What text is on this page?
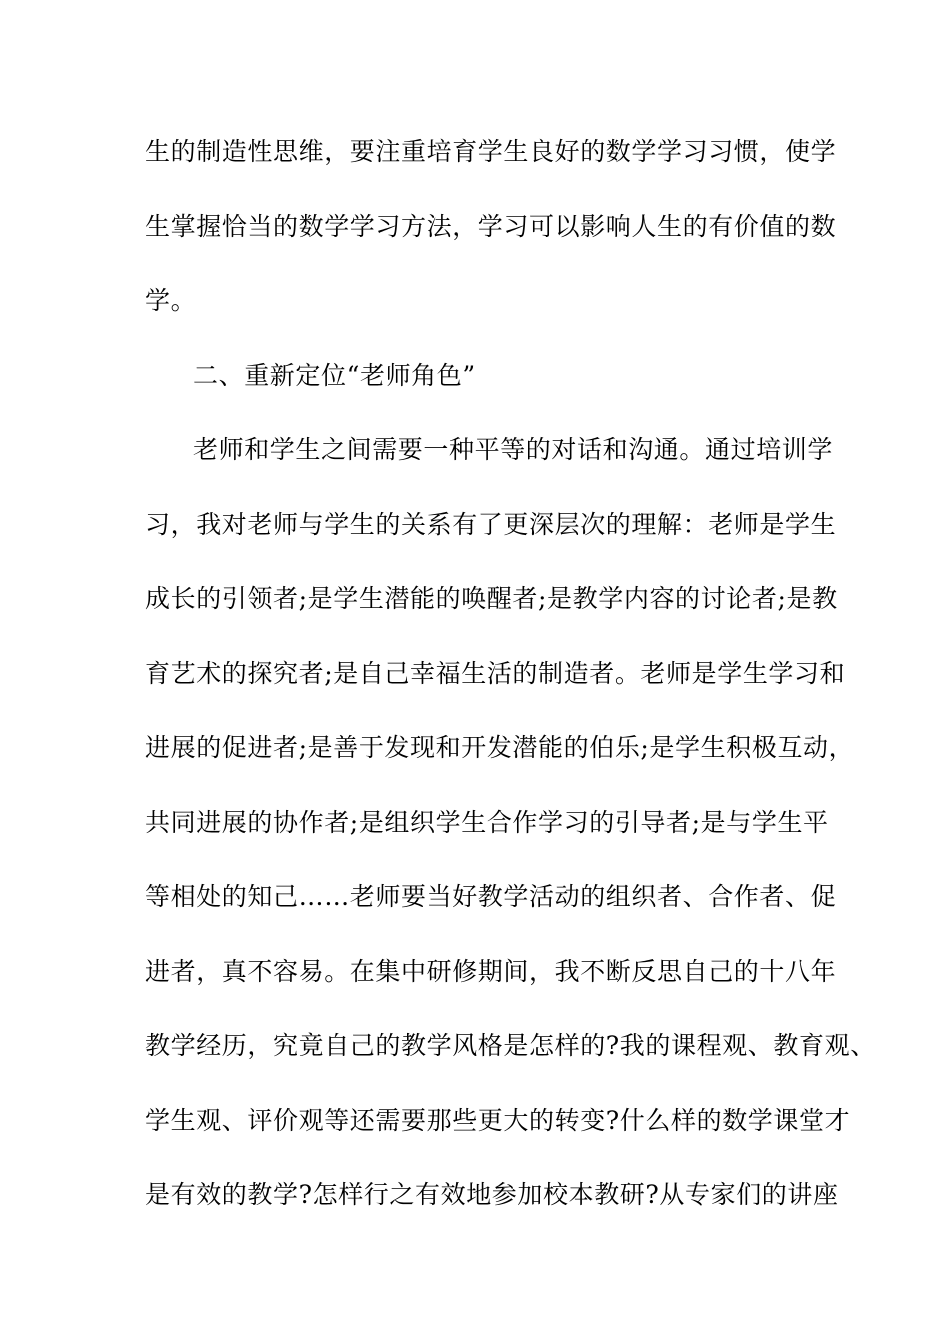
生的制造性思维，要注重培育学生良好的数学学习习惯，使学
生掌握恰当的数学学习方法，学习可以影响人生的有价值的数
学。
二、重新定位“老师角色”
老师和学生之间需要一种平等的对话和沟通。通过培训学
习，我对老师与学生的关系有了更深层次的理解：老师是学生
成长的引领者;是学生潜能的唤醒者;是教学内容的讨论者;是教
育艺术的探究者;是自己幸福生活的制造者。老师是学生学习和
进展的促进者;是善于发现和开发潜能的伯乐;是学生积极互动，
共同进展的协作者;是组织学生合作学习的引导者;是与学生平
等相处的知己……老师要当好教学活动的组织者、合作者、促
进者，真不容易。在集中研修期间，我不断反思自己的十八年
教学经历，究竟自己的教学风格是怎样的?我的课程观、教育观、
学生观、评价观等还需要那些更大的转变?什么样的数学课堂才
是有效的教学?怎样行之有效地参加校本教研?从专家们的讲座
